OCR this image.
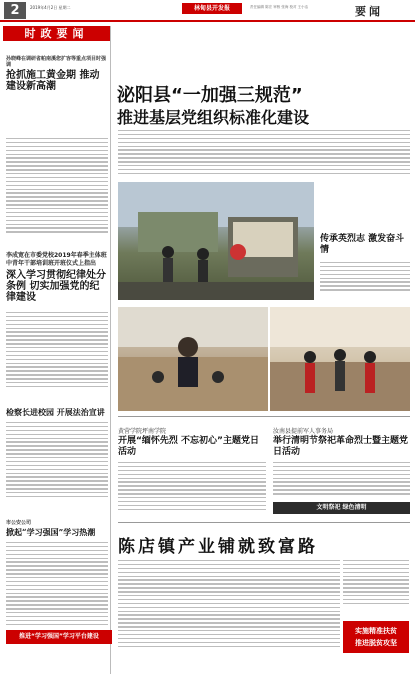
2	2019年4月2日 星期二	林甸县开发报	责任编辑 陈宏 审核 张海 校对 王小洁	要闻
时政要闻
孙晓峰在调研省帕南溪您扩容等重点项目时强调
抢抓施工黄金期 推动建设新高潮
李成宽在市委党校2019年春季主体班中青年干部培训班开班仪式上指出
深入学习贯彻纪律处分条例 切实加强党的纪律建设
检察长进校园 开展法治宣讲
市公安公司
掀起“学习强国”学习热潮
推进“学习强国”学习平台建设
泌阳县“一加强三规范”
推进基层党组织标准化建设
传承英烈志 激发奋斗情
黄营学院坪南学院
开展“缅怀先烈 不忘初心”主题党日活动
汝南县提前军人事务局
举行清明节祭祀革命烈士暨主题党日活动
文明祭祀 绿色清明
陈店镇产业铺就致富路
实施精准扶贫
推进脱贫攻坚
